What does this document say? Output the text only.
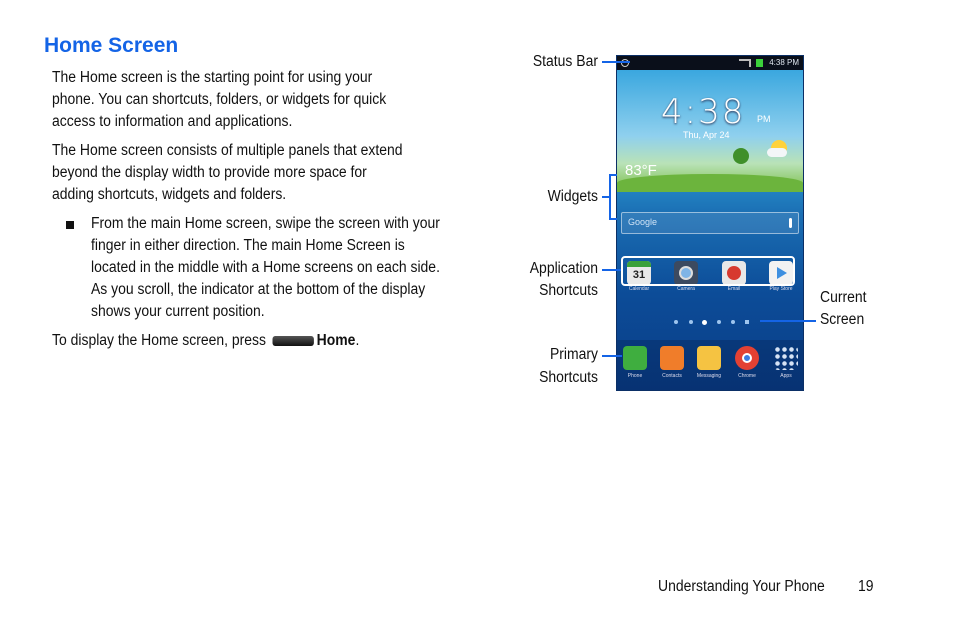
Home Screen
The Home screen is the starting point for using your phone. You can shortcuts, folders, or widgets for quick access to information and applications.
The Home screen consists of multiple panels that extend beyond the display width to provide more space for adding shortcuts, widgets and folders.
From the main Home screen, swipe the screen with your finger in either direction. The main Home Screen is located in the middle with a Home screens on each side. As you scroll, the indicator at the bottom of the display shows your current position.
To display the Home screen, press	Home.
Status Bar
Widgets
Application
Shortcuts
Primary
Shortcuts
Current
Screen
4:38 PM
4:38 PM
Thu, Apr 24
83°F
Google
31
Calendar	Camera	Email	Play Store
Phone	Contacts	Messaging	Chrome	Apps
Understanding Your Phone 19
